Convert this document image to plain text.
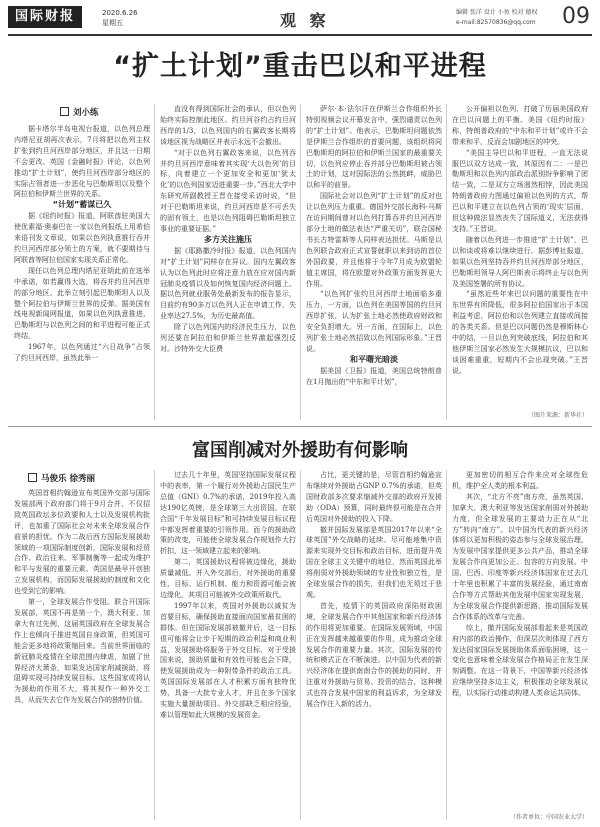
国际财报	2020.6.26
星期五	观 察	编辑 张洋 设计 小鱼 校对 德权
e-mail:82570836@qq.com	09
“扩土计划”重击巴以和平进程
刘小练

据卡塔尔半岛电视台报道，以色列总理内塔尼亚胡再次表示，7月将把以色列主权扩张到约旦河西岸部分地区，并且这一日期不会更改。英国《金融时报》评论，以色列推动“扩土计划”，使约旦河西岸部分地区的实际占领者进一步恶化与巴勒斯坦以及整个阿拉伯和伊斯兰世界的关系。

“计划”蓄谋已久

据《纽约时报》报道，阿联酋驻美国大使优素福·奥泰巴在一家以色列报纸上用希伯来语刊发文章说，如果以色列执意推行吞并约旦河西岸部分领土的方案，就不要期待与阿联酋等阿拉伯国家实现关系正常化。

现任以色列总理内塔尼亚胡此前在选举中承诺，如若赢得大选，将吞并约旦河西岸的部分地区。此举立刻引起巴勒斯坦人以及整个阿拉伯与伊斯兰世界的反弹。据美国有线电视新闻网报道，如果以色列执意推进，巴勒斯坦与以色列之间的和平进程可能正式终结。

1967年，以色列通过“六日战争”占领了约旦河西岸，虽然此举一

直没有得到国际社会的承认，但以色列始终实际控制此地区。约旦河谷约占约旦河西岸的1/3，以色列国内的右翼政客长期将该地区视为战略区并表示永远不会撤出。

“对于以色列右翼政客来说，以色列吞并约旦河西岸意味着其实现‘大以色列’的目标，向着建立一个更加安全和更加‘犹太化’的以色列国家迈进重要一步。”西北大学中东研究所副教授王晋在接受采访时说，“但对于巴勒斯坦来说，约旦河西岸是不可丢失的固有领土，也是以色列阻碍巴勒斯坦独立事业的重要证据。”

多方关注施压

据《耶路撒冷时报》报道，以色列国内对“扩土计划”同样存在异议。国内左翼政客认为以色列此时应将注意力放在应对国内新冠肺炎疫情以及如何恢复国内经济问题上。据以色列就业服务处最新发布的报告显示，目前约有90多万以色列人正在申请工作，失业率达27.5%，为历史最高值。

除了以色列国内的经济民生压力，以色列还要在阿拉伯和伊斯兰世界激起强烈反对。沙特外交大臣费

萨尔·本·法尔汗在伊斯兰合作组织外长特别视频会议开幕发言中，强烈谴责以色列的“扩土计划”。他表示，巴勒斯坦问题依然是伊斯兰合作组织的首要问题，该组织将同巴勒斯坦的阿拉伯和伊斯兰国家的最重要关切，以色列应停止吞并部分巴勒斯坦被占领土的计划，这对国际法的公然挑衅，威胁巴以和平的前景。

国际社会对以色列“扩土计划”的反对也让以色列压力重重。德国外交部长海科·马斯在访问期间曾对以色列打算吞并约旦河西岸部分土地的做法表达“严重关切”，联合国秘书长古特雷斯等人同样表达担忧。马斯是以色列联合政府正式宣誓就职以来到访的首位外国政要，并且他将于今年7月成为欧盟轮值主席国，将在欧盟对外政策方面发挥更大作用。

“以色列扩张约旦河西岸土地面临多重压力，一方面，以色列在美国等国的约旦河西岸扩张，认为扩张土地必然使政府财政和安全负担增大。另一方面，在国际上，以色列扩张土地必然招致以色列国际形象。”王晋说。

和平曙光暗淡

据美国《卫报》报道，美国总统特朗普在1月抛出的“中东和平计划”，

公开偏袒以色列，打破了历届美国政府在巴以问题上的平衡。美国《纽约时报》称，特朗普政府的“中东和平计划”或许不会带来和平，反而会加剧地区的冲突。

“美国主导巴以和平进程，一直无法说服巴以双方达成一致，其原因有二：一是巴勒斯坦和以色列内部政治派别纷争影响了团结一致，二是双方立场迥然相悖，因此美国特朗普政府力图通过偏袒以色列的方式，帮巴以和平建立在以色列占领的‘现实’层面，但这种做法显然丧失了国际道义，无法获得支持。”王晋说。

随着以色列进一步推进“扩土计划”，巴以和谈或将难以继续进行。据彭博社报道，如果以色列坚持吞并约旦河西岸部分地区，巴勒斯坦领导人阿巴斯表示将终止与以色列及美国签署的所有协议。

“虽然近些年来巴以问题的重要性在中东世界有所降低，很多阿拉伯国家出于本国利益考虑，阿拉伯和以色列建立直接或间接的各类关系。但是巴以问题仍然是穆斯林心中的结，一旦以色列突破底线，阿拉伯和其他伊斯兰国家必然发生大规模抗议，巴以和谈困难重重，短期内不会出现突破。”王晋说。

（图片来源：新华社）
富国削减对外援助有何影响
马俊乐 徐秀丽

英国首相约翰逊宣布英国外交部与国际发展部两个政府部门将于9月合并，不仅招致英国政坛多位政要和人士以及发展机构批评，也加重了国际社会对未来全球发展合作前景的担忧。作为二战后西方国际发展援助领域的一项国际制度创新，国际发展和经贸合作、政治往来、军事制衡等一起成为维护和平与发展的重要元素。英国是最早开创独立发展机构，而国际发展援助的制度和文化也受到它的影响。

第一，全球发展合作受阻。联合开国际发展部，英国不再是第一个，澳大利亚、加拿大有过先例，这届英国政府在全球发展合作上也倾向于推进英国自身政策，但英国可能会更多地将政策缩回来。当前世界面临的新冠肺炎疫情在全球范围内肆虐，加剧了世界经济大萧条，如果发达国家削减援助，将阻碍实现可持续发展目标。这些国家或将认为援助的作用不大，将其视作一种外交工具，从而失去它作为发展合作的独特价值。

过去几十年里，英国坚持国际发展议程中的表率，第一个履行对外援助占国民生产总值（GNI）0.7%的承诺，2019年投入高达190亿英镑，是全球第三大出资国。在联合国“千年发展目标”和可持续发展目标议程中都发挥着重要的引领作用。而今的援助政策的改变，可能使全球发展合作规划作大打折扣，这一领域建立起来的影响。

第二，英国援助议程将被边缘化，援助质量减低。并入外交部后，对外援助的重要性、目标、运行机制、能力和资源可能会被边缘化，其项目可能被外交政策所取代。

1997年以来，英国对外援助以减贫为首要目标，确保援助直接面向国家最贫困的群体。但在国际发展部被撤并后，这一目标很可能将会让步于短期的政治利益和商业利益，发展援助将服务于外交目标，对于受援国来说，援助质量和有效性可能也会下降，使发展援助成为一种附带条件的政治工具。英国国际发展部在人才积累方面有独特优势，具备一大批专业人才，并且在多个国家实施大量援助项目。外交部缺乏相应经验，难以管理如此大规模的发展资金。

占比，更关键的是，尽管首相约翰逊宣布继续对外援助占GNP 0.7%的承诺，但英国财政部多次要求缩减外交部的政府开发援助（ODA）预算，同时最终很可能是在合并后英国对外援助的投入下降。

撤并国际发展部是英国2017年以来“全球英国”外交战略的延续。尽可能地集中资源来实现外交目标和政治目标，进而提升英国在全球主义关键中的地位，然而英国此举将削弱对外援助领域的专业性和独立性，是全球发展合作的损失，但我们也无须过于悲观。

首先，疫情下的英国政府深陷财政困境，全球发展合作中其他国家和新兴经济体的作用将更加重要。在国际发展领域，中国正在发挥越来越重要的作用，成为推动全球发展合作的重要力量。其次，国际发展的传统和模式正在不断演进。以中国为代表的新兴经济体在提供南南合作的援助的同时，并注重对外援助与贸易、投资的结合，这种模式也符合发展中国家的利益诉求，为全球发展合作注入新的活力。

更加密切的相互合作来应对全球性危机，维护全人类的根本利益。

其次，“北方不亮”南方亮，虽然英国、加拿大、澳大利亚等发达国家削弱对外援助力度，但全球发展的主要动力正在从“北方”转向“南方”。以中国为代表的新兴经济体将以更加积极的姿态参与全球发展治理，为发展中国家提供更多公共产品，推动全球发展合作向更加公正、包容的方向发展。中国、巴西、印度等新兴经济体国家在过去几十年里也积累了丰富的发展经验，通过南南合作等方式帮助其他发展中国家实现发展，为全球发展合作提供新思路，推动国际发展合作体系的改革与完善。

综上，撤并国际发展部看起来是英国政府内部的政治操作，但深层次则体现了西方发达国家国际发展援助体系面临困境，这一变化也意味着全球发展合作格局正在发生深刻调整。在这一背景下，中国等新兴经济体应继续坚持多边主义，积极推动全球发展议程，以实际行动推动构建人类命运共同体。

（作者单位：中国农业大学）
